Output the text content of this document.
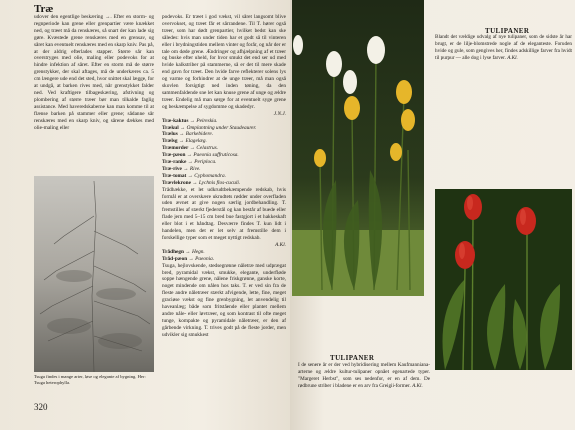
Træ

udover den egentlige beskæring →. Efter en storm- og regnperiode kan grene eller grenpartier være knækket ned, og træet må da renskæres, så snart der kan lade sig gøre. Kvæstede grene renskæres med en grensav, og såret kan eventuelt renskæres med en skarp kniv. Pas på, at der aldrig efterlades stapper. Større sår kan overstryges med olie, maling eller podevoks for at hindre infektion af såret. Efter en storm må de større grenstykker, der skal aftages, må de underkæres ca. 5 cm længere ude end det sted, hvor snittet skal lægge, for at undgå, at barken rives med, når grenstykket falder ned. Ved kraftigere tilbageskæring, afstivning og plombering af større træer bør man tilkalde faglig assistance. Med haveredskaberne kan man komme til at flænse barken på stammer eller grene; sådanne sår renskæres med en skarp kniv, og sårene dækkes med olie-maling eller

podevoks. Er træet i god vækst, vil såret langsomt blive overvokset, og træet får et sårrandene. Til T. hører også træer, som har dødt grenpartier, hvilket bedst kan ske således: hvis man under tiden har et godt så til vinteren eller i brydningstiden mellem vinter og forår, og når der er tale om døde grene. Ændringer og afhjælpning af et træer og buske efter uheld, for hvor smukt det end ser ud med hvide kalkstriber på stammerne, så er det til mere skade end gavn for træet. Den hvide farve reflekterer solens lys og varme og forhindrer at de unge træer, må man også skovlen forsigtigt ned inden tøning, da den sammenfaldende sne let kan knuse grene af unge og ældre træer. Endelig må man sørge for at eventuelt syge grene og beskæmpelse af sygdomme og skadedyr.

J.N.J.

Træ-kaktus → Peireskia.

Trækul → Omplantning under Staudeaurer.

Trælus → Barkebidere.

Trælsg → Elagelæg.

Træmorder → Celastrus.

Træ-pæon → Paeonia suffruticosa.

Træ-ranke → Periploca.

Træ-rive → Rive.

Træ-tomat → Cyphomandra.

Trævlekrone → Lychnis flos-cuculi.

Trådhække, et let udkrudtbekæmpende redskab, hvis formål er at overskære ukrudtets rødder under overfladen uden ævnet at give nogen særlig jordbehandling. T. fremstilles af stærkt fjederstål og kan består af buede eller flade jern med 5–15 cm bred bue fastgjort i et hakkeskaft eller blot i et håndtag. Desværre findes T. kun lidt i handelen, men det er let selv at fremstille dem i forskellige typer som et meget nyttigt redskab.

A.Kl.

Trådhegn → Hegn.

Tråd-pæon → Paeonia.

Tsuga, hejlovskende, stedsegrønne nåletræ med udprægat bred, pyramidal vækst, smukke, elegante, underfløde soppe hængende grene, nålene friskgrønne, ganske korte, noget mindende om nålen hos taks. T. er ved sin fra de fleste andre nåletræer stærkt afvigende, lette, fine, meget graciøse vækst og fine grenbygning, let anvendelig til haveanlæg; både som fritstående eller plantet mellem andre nåle- eller løvtræer, og som kontrast til ofte meget tunge, kompakte og pyramidale nåletræer, er den af gårbende virkning. T. trives godt på de fleste jorder, men udvikler sig smukkest

Tsuga findes i mange arter, løse og elegante af bygning. Her: Tsuga heterophylla.
320
TULIPANER
Blandt det vældige udvalg af nye tulipaner, som de sidste år har brugt, er de lilje-blomstrede nogle af de eleganteste. Foruden hvide og gule, som gengives her, findes adskillige farver fra hvidt til purpur — alle dog i lyse farver. A.Kl.
TULIPANER
I de senere år er der ved hybridisering mellem Kaufmanniana-arterne og ældre kultur-tulipaner opnået egenartede typer. "Margeret Herbst", som ses nedenfor, er en af dem. De rødbrune striber i bladene er en arv fra Greigii-former. A.Kl.
